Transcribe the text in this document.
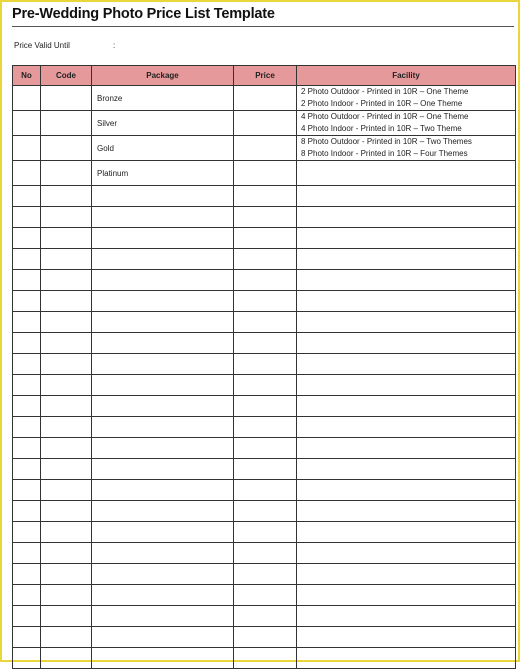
Pre-Wedding Photo Price List Template
Price Valid Until	:
No	Code	Package	Price	Facility
		Bronze		2 Photo Outdoor - Printed in 10R – One Theme
2 Photo Indoor - Printed in 10R – One Theme

		Silver		4 Photo Outdoor - Printed in 10R – One Theme
4 Photo Indoor - Printed in 10R – Two Theme

		Gold		8 Photo Outdoor - Printed in 10R – Two Themes
8 Photo Indoor - Printed in 10R – Four Themes

		Platinum		
